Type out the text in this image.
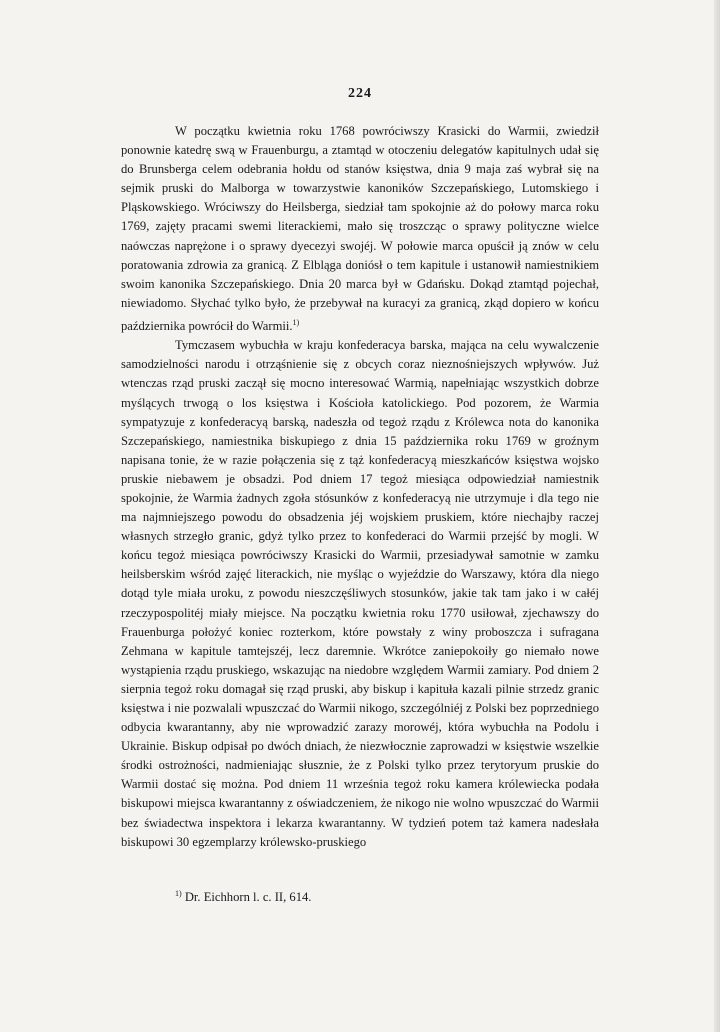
224

W początku kwietnia roku 1768 powróciwszy Krasicki do Warmii, zwiedził ponownie katedrę swą w Frauenburgu, a ztamtąd w otoczeniu delegatów kapitulnych udał się do Brunsberga celem odebrania hołdu od stanów księstwa, dnia 9 maja zaś wybrał się na sejmik pruski do Malborga w towarzystwie kanoników Szczepańskiego, Lutomskiego i Pląskowskiego. Wróciwszy do Heilsberga, siedział tam spokojnie aż do połowy marca roku 1769, zajęty pracami swemi literackiemi, mało się troszcząc o sprawy polityczne wielce naówczas naprężone i o sprawy dyecezyi swojéj. W połowie marca opuścił ją znów w celu poratowania zdrowia za granicą. Z Elbląga doniósł o tem kapitule i ustanowił namiestnikiem swoim kanonika Szczepańskiego. Dnia 20 marca był w Gdańsku. Dokąd ztamtąd pojechał, niewiadomo. Słychać tylko było, że przebywał na kuracyi za granicą, zkąd dopiero w końcu października powrócił do Warmii.$^{1)}$

Tymczasem wybuchła w kraju konfederacya barska, mająca na celu wywalczenie samodzielności narodu i otrząśnienie się z obcych coraz nieznośniejszych wpływów. Już wtenczas rząd pruski zaczął się mocno interesować Warmią, napełniając wszystkich dobrze myślących trwogą o los księstwa i Kościoła katolickiego. Pod pozorem, że Warmia sympatyzuje z konfederacyą barską, nadeszła od tegoż rządu z Królewca nota do kanonika Szczepańskiego, namiestnika biskupiego z dnia 15 października roku 1769 w groźnym napisana tonie, że w razie połączenia się z tąż konfederacyą mieszkańców księstwa wojsko pruskie niebawem je obsadzi. Pod dniem 17 tegoż miesiąca odpowiedział namiestnik spokojnie, że Warmia żadnych zgoła stósunków z konfederacyą nie utrzymuje i dla tego nie ma najmniejszego powodu do obsadzenia jéj wojskiem pruskiem, które niechajby raczej własnych strzegło granic, gdyż tylko przez to konfederaci do Warmii przejść by mogli. W końcu tegoż miesiąca powróciwszy Krasicki do Warmii, przesiadywał samotnie w zamku heilsberskim wśród zajęć literackich, nie myśląc o wyjeździe do Warszawy, która dla niego dotąd tyle miała uroku, z powodu nieszczęśliwych stosunków, jakie tak tam jako i w całéj rzeczypospolitéj miały miejsce. Na początku kwietnia roku 1770 usiłował, zjechawszy do Frauenburga położyć koniec rozterkom, które powstały z winy proboszcza i sufragana Zehmana w kapitule tamtejszéj, lecz daremnie. Wkrótce zaniepokoiły go niemało nowe wystąpienia rządu pruskiego, wskazując na niedobre względem Warmii zamiary. Pod dniem 2 sierpnia tegoż roku domagał się rząd pruski, aby biskup i kapituła kazali pilnie strzedz granic księstwa i nie pozwalali wpuszczać do Warmii nikogo, szczególniéj z Polski bez poprzedniego odbycia kwarantanny, aby nie wprowadzić zarazy morowéj, która wybuchła na Podolu i Ukrainie. Biskup odpisał po dwóch dniach, że niezwłocznie zaprowadzi w księstwie wszelkie środki ostrożności, nadmieniając słusznie, że z Polski tylko przez terytoryum pruskie do Warmii dostać się można. Pod dniem 11 września tegoż roku kamera królewiecka podała biskupowi miejsca kwarantanny z oświadczeniem, że nikogo nie wolno wpuszczać do Warmii bez świadectwa inspektora i lekarza kwarantanny. W tydzień potem taż kamera nadesłała biskupowi 30 egzemplarzy królewsko-pruskiego

$^{1)}$ Dr. Eichhorn l. c. II, 614.
